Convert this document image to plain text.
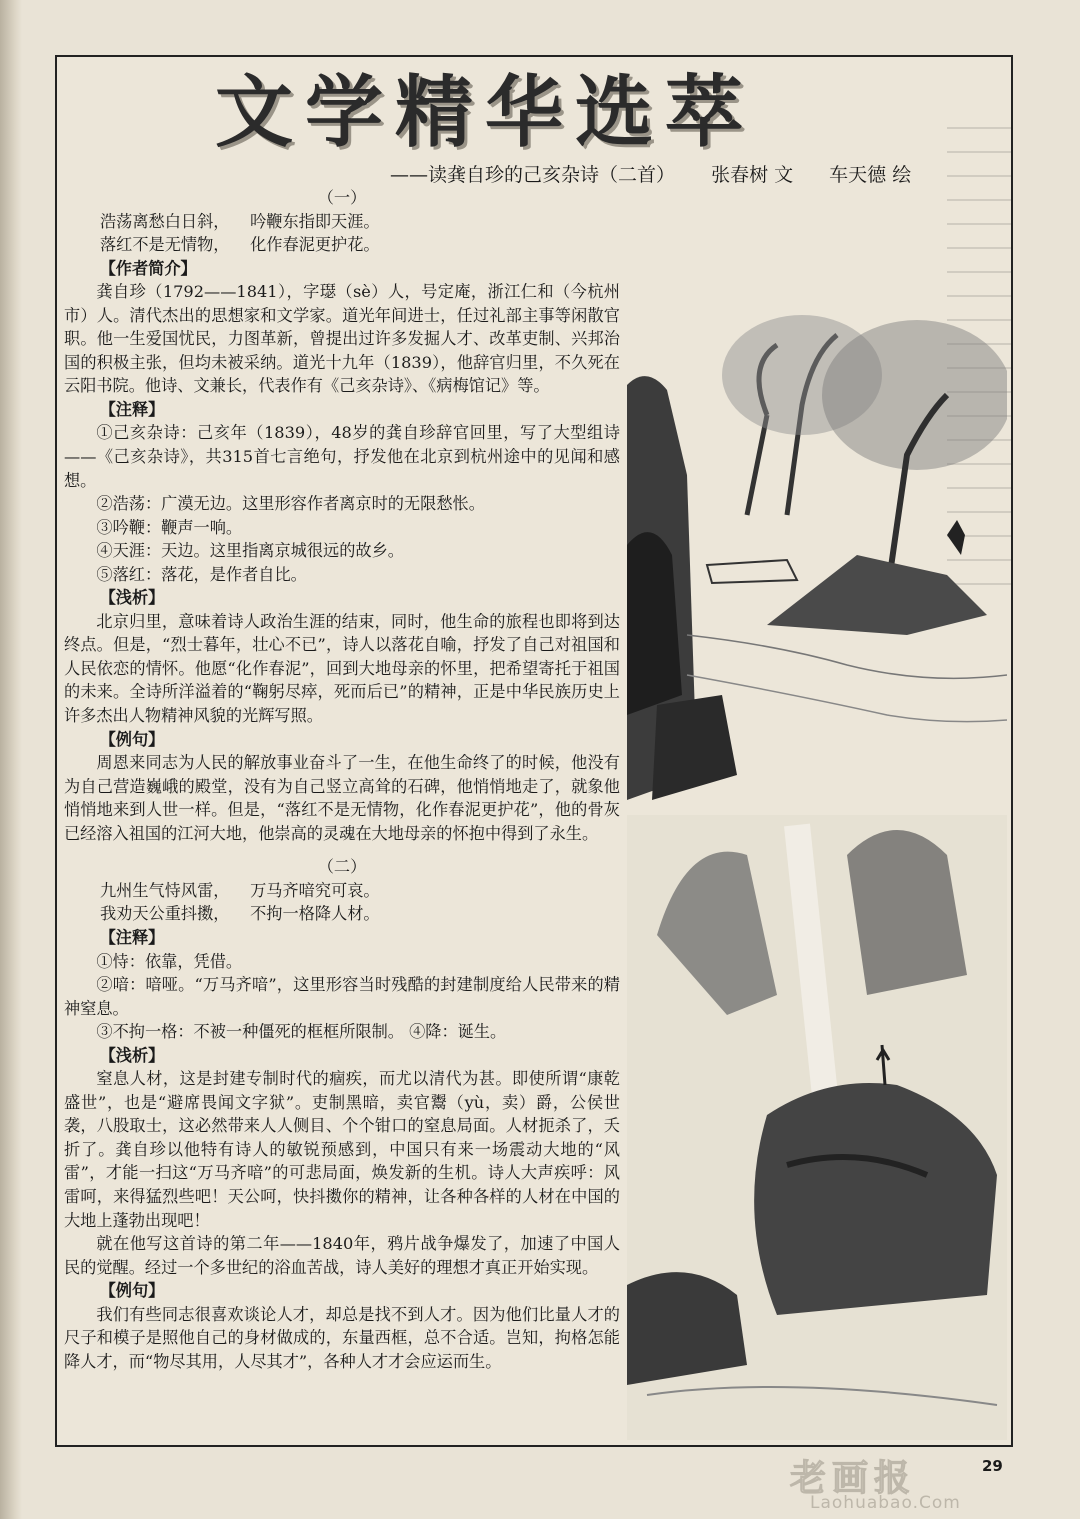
文学精华选萃
——读龚自珍的己亥杂诗（二首） 张春树 文 车天德 绘

（一）

浩荡离愁白日斜，    吟鞭东指即天涯。

落红不是无情物，    化作春泥更护花。

【作者简介】

龚自珍（1792——1841），字璱（sè）人，号定庵，浙江仁和（今杭州市）人。清代杰出的思想家和文学家。道光年间进士，任过礼部主事等闲散官职。他一生爱国忧民，力图革新，曾提出过许多发掘人才、改革吏制、兴邦治国的积极主张，但均未被采纳。道光十九年（1839），他辞官归里，不久死在云阳书院。他诗、文兼长，代表作有《己亥杂诗》、《病梅馆记》等。

【注释】

①己亥杂诗：己亥年（1839），48岁的龚自珍辞官回里，写了大型组诗——《己亥杂诗》，共315首七言绝句，抒发他在北京到杭州途中的见闻和感想。

②浩荡：广漠无边。这里形容作者离京时的无限愁怅。

③吟鞭：鞭声一响。

④天涯：天边。这里指离京城很远的故乡。

⑤落红：落花，是作者自比。

【浅析】

北京归里，意味着诗人政治生涯的结束，同时，他生命的旅程也即将到达终点。但是，“烈士暮年，壮心不已”，诗人以落花自喻，抒发了自己对祖国和人民依恋的情怀。他愿“化作春泥”，回到大地母亲的怀里，把希望寄托于祖国的未来。全诗所洋溢着的“鞠躬尽瘁，死而后已”的精神，正是中华民族历史上许多杰出人物精神风貌的光辉写照。

【例句】

周恩来同志为人民的解放事业奋斗了一生，在他生命终了的时候，他没有为自己营造巍峨的殿堂，没有为自己竖立高耸的石碑，他悄悄地走了，就象他悄悄地来到人世一样。但是，“落红不是无情物，化作春泥更护花”，他的骨灰已经溶入祖国的江河大地，他崇高的灵魂在大地母亲的怀抱中得到了永生。

（二）

九州生气恃风雷，    万马齐喑究可哀。

我劝天公重抖擞，    不拘一格降人材。

【注释】

①恃：依靠，凭借。

②喑：喑哑。“万马齐喑”，这里形容当时残酷的封建制度给人民带来的精神窒息。

③不拘一格：不被一种僵死的框框所限制。 ④降：诞生。

【浅析】

窒息人材，这是封建专制时代的痼疾，而尤以清代为甚。即使所谓“康乾盛世”，也是“避席畏闻文字狱”。吏制黑暗，卖官鬻（yù，卖）爵，公侯世袭，八股取士，这必然带来人人侧目、个个钳口的窒息局面。人材扼杀了，夭折了。龚自珍以他特有诗人的敏锐预感到，中国只有来一场震动大地的“风雷”，才能一扫这“万马齐喑”的可悲局面，焕发新的生机。诗人大声疾呼：风雷呵，来得猛烈些吧！天公呵，快抖擞你的精神，让各种各样的人材在中国的大地上蓬勃出现吧！

就在他写这首诗的第二年——1840年，鸦片战争爆发了，加速了中国人民的觉醒。经过一个多世纪的浴血苦战，诗人美好的理想才真正开始实现。

【例句】

我们有些同志很喜欢谈论人才，却总是找不到人才。因为他们比量人才的尺子和模子是照他自己的身材做成的，东量西框，总不合适。岂知，拘格怎能降人才，而“物尽其用，人尽其才”，各种人才才会应运而生。

29
老画报
Laohuabao.Com
